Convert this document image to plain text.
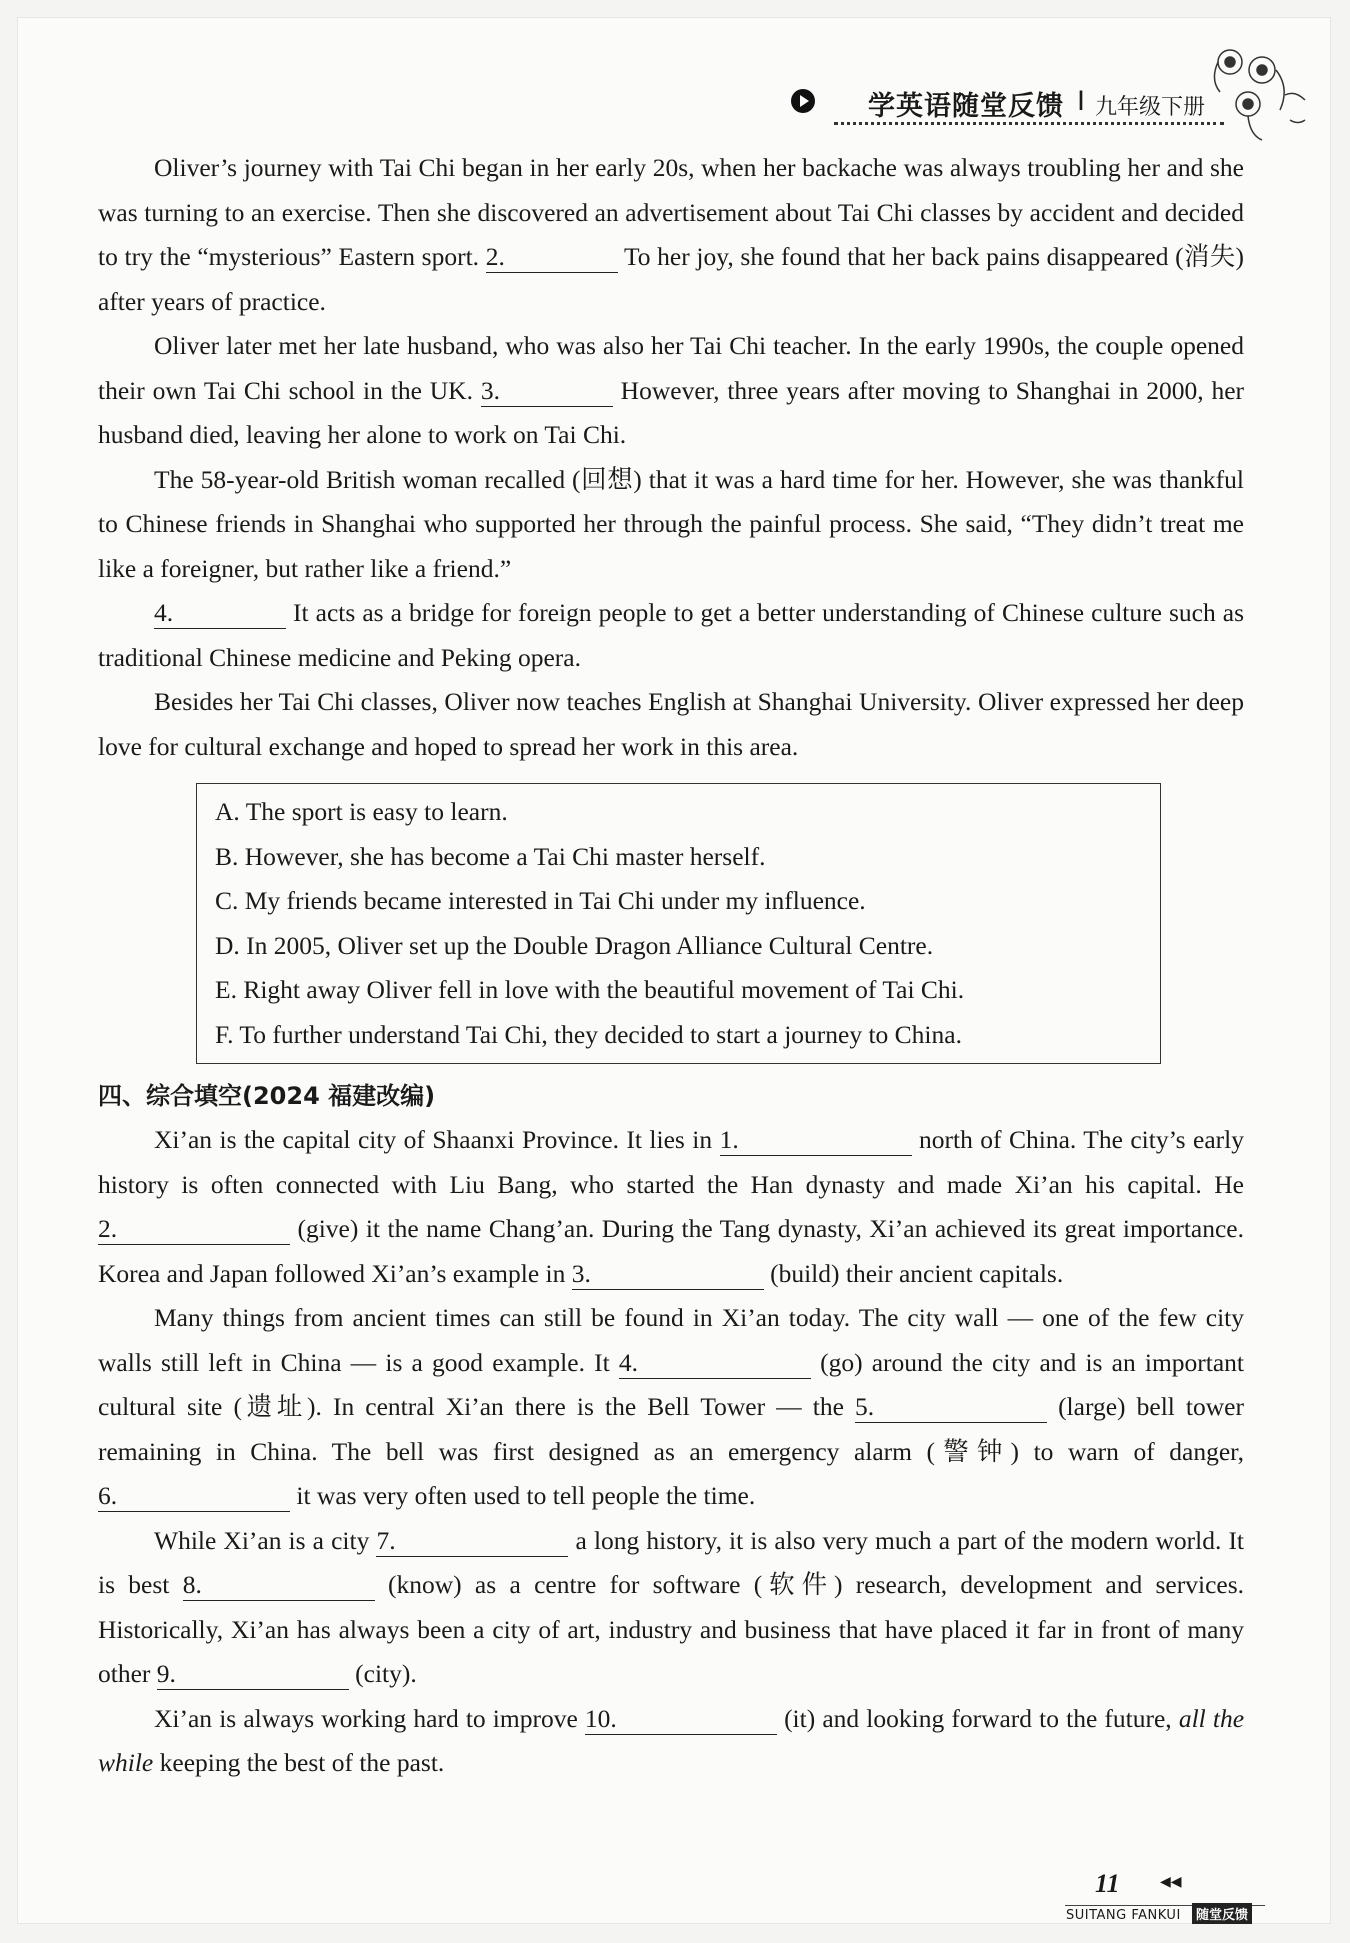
学英语随堂反馈 I 九年级下册

Oliver’s journey with Tai Chi began in her early 20s, when her backache was always troubling her and she was turning to an exercise. Then she discovered an advertisement about Tai Chi classes by accident and decided to try the “mysterious” Eastern sport. 2.	To her joy, she found that her back pains disappeared (消失) after years of practice.

Oliver later met her late husband, who was also her Tai Chi teacher. In the early 1990s, the couple opened their own Tai Chi school in the UK. 3.	However, three years after moving to Shanghai in 2000, her husband died, leaving her alone to work on Tai Chi.

The 58-year-old British woman recalled (回想) that it was a hard time for her. However, she was thankful to Chinese friends in Shanghai who supported her through the painful process. She said, “They didn’t treat me like a foreigner, but rather like a friend.”

4.	It acts as a bridge for foreign people to get a better understanding of Chinese culture such as traditional Chinese medicine and Peking opera.

Besides her Tai Chi classes, Oliver now teaches English at Shanghai University. Oliver expressed her deep love for cultural exchange and hoped to spread her work in this area.

A. The sport is easy to learn.
B. However, she has become a Tai Chi master herself.
C. My friends became interested in Tai Chi under my influence.
D. In 2005, Oliver set up the Double Dragon Alliance Cultural Centre.
E. Right away Oliver fell in love with the beautiful movement of Tai Chi.
F. To further understand Tai Chi, they decided to start a journey to China.
四、综合填空(2024 福建改编)

Xi’an is the capital city of Shaanxi Province. It lies in 1.	north of China. The city’s early history is often connected with Liu Bang, who started the Han dynasty and made Xi’an his capital. He 2.	(give) it the name Chang’an. During the Tang dynasty, Xi’an achieved its great importance. Korea and Japan followed Xi’an’s example in 3.	(build) their ancient capitals.

Many things from ancient times can still be found in Xi’an today. The city wall — one of the few city walls still left in China — is a good example. It 4.	(go) around the city and is an important cultural site (遗址). In central Xi’an there is the Bell Tower — the 5.	(large) bell tower remaining in China. The bell was first designed as an emergency alarm (警钟) to warn of danger, 6.	it was very often used to tell people the time.

While Xi’an is a city 7.	a long history, it is also very much a part of the modern world. It is best 8.	(know) as a centre for software (软件) research, development and services. Historically, Xi’an has always been a city of art, industry and business that have placed it far in front of many other 9.	(city).

Xi’an is always working hard to improve 10.	(it) and looking forward to the future, all the while keeping the best of the past.

11	◀◀
SUITANG FANKUI	随堂反馈
